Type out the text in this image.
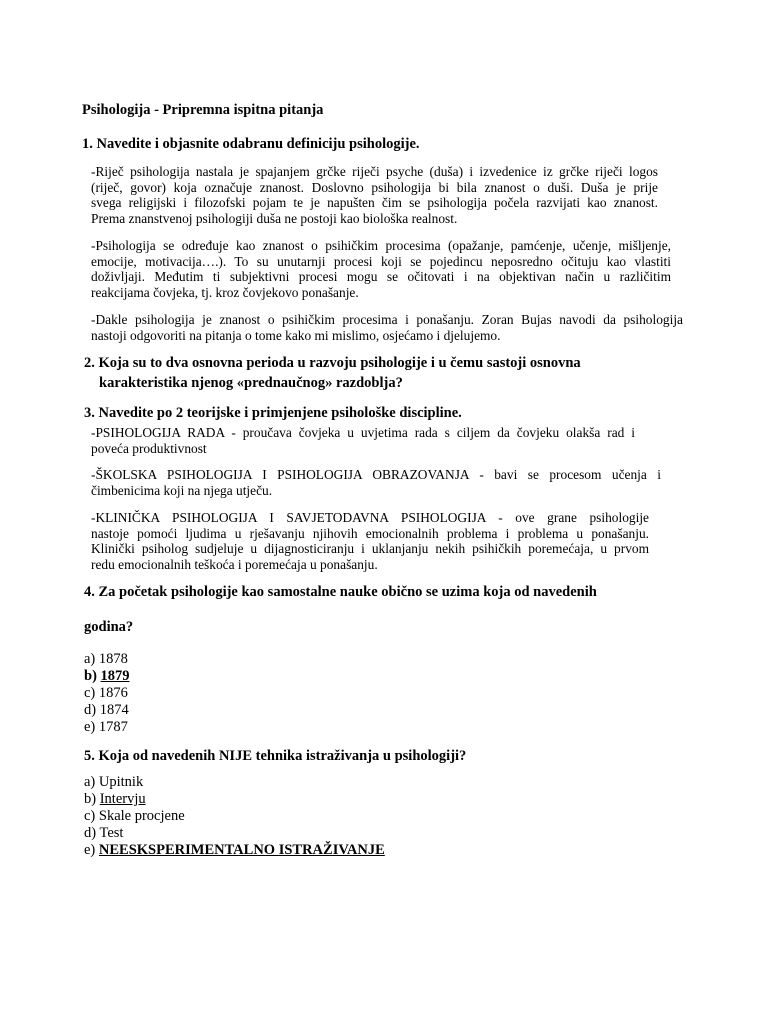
Psihologija - Pripremna ispitna pitanja
1. Navedite i objasnite odabranu definiciju psihologije.
-Riječ psihologija nastala je spajanjem grčke riječi psyche (duša) i izvedenice iz grčke riječi logos
(riječ, govor) koja označuje znanost. Doslovno psihologija bi bila znanost o duši. Duša je prije
svega religijski i filozofski pojam te je napušten čim se psihologija počela razvijati kao znanost.
Prema znanstvenoj psihologiji duša ne postoji kao biološka realnost.
-Psihologija se određuje kao znanost o psihičkim procesima (opažanje, pamćenje, učenje, mišljenje,
emocije, motivacija….). To su unutarnji procesi koji se pojedincu neposredno očituju kao vlastiti
doživljaji. Međutim ti subjektivni procesi mogu se očitovati i na objektivan način u različitim
reakcijama čovjeka, tj. kroz čovjekovo ponašanje.
-Dakle psihologija je znanost o psihičkim procesima i ponašanju. Zoran Bujas navodi da psihologija
nastoji odgovoriti na pitanja o tome kako mi mislimo, osjećamo i djelujemo.
2. Koja su to dva osnovna perioda u razvoju psihologije i u čemu sastoji osnovna
karakteristika njenog «prednaučnog» razdoblja?
3. Navedite po 2 teorijske i primjenjene psihološke discipline.
-PSIHOLOGIJA RADA - proučava čovjeka u uvjetima rada s ciljem da čovjeku olakša rad i
poveća produktivnost
-ŠKOLSKA PSIHOLOGIJA I PSIHOLOGIJA OBRAZOVANJA - bavi se procesom učenja i
čimbenicima koji na njega utječu.
-KLINIČKA PSIHOLOGIJA I SAVJETODAVNA PSIHOLOGIJA - ove grane psihologije
nastoje pomoći ljudima u rješavanju njihovih emocionalnih problema i problema u ponašanju.
Klinički psiholog sudjeluje u dijagnosticiranju i uklanjanju nekih psihičkih poremećaja, u prvom
redu emocionalnih teškoća i poremećaja u ponašanju.
4. Za početak psihologije kao samostalne nauke obično se uzima koja od navedenih
godina?
a) 1878
b) 1879
c) 1876
d) 1874
e) 1787
5. Koja od navedenih NIJE tehnika istraživanja u psihologiji?
a) Upitnik
b) Intervju
c) Skale procjene
d) Test
e) NEESKSPERIMENTALNO ISTRAŽIVANJE
